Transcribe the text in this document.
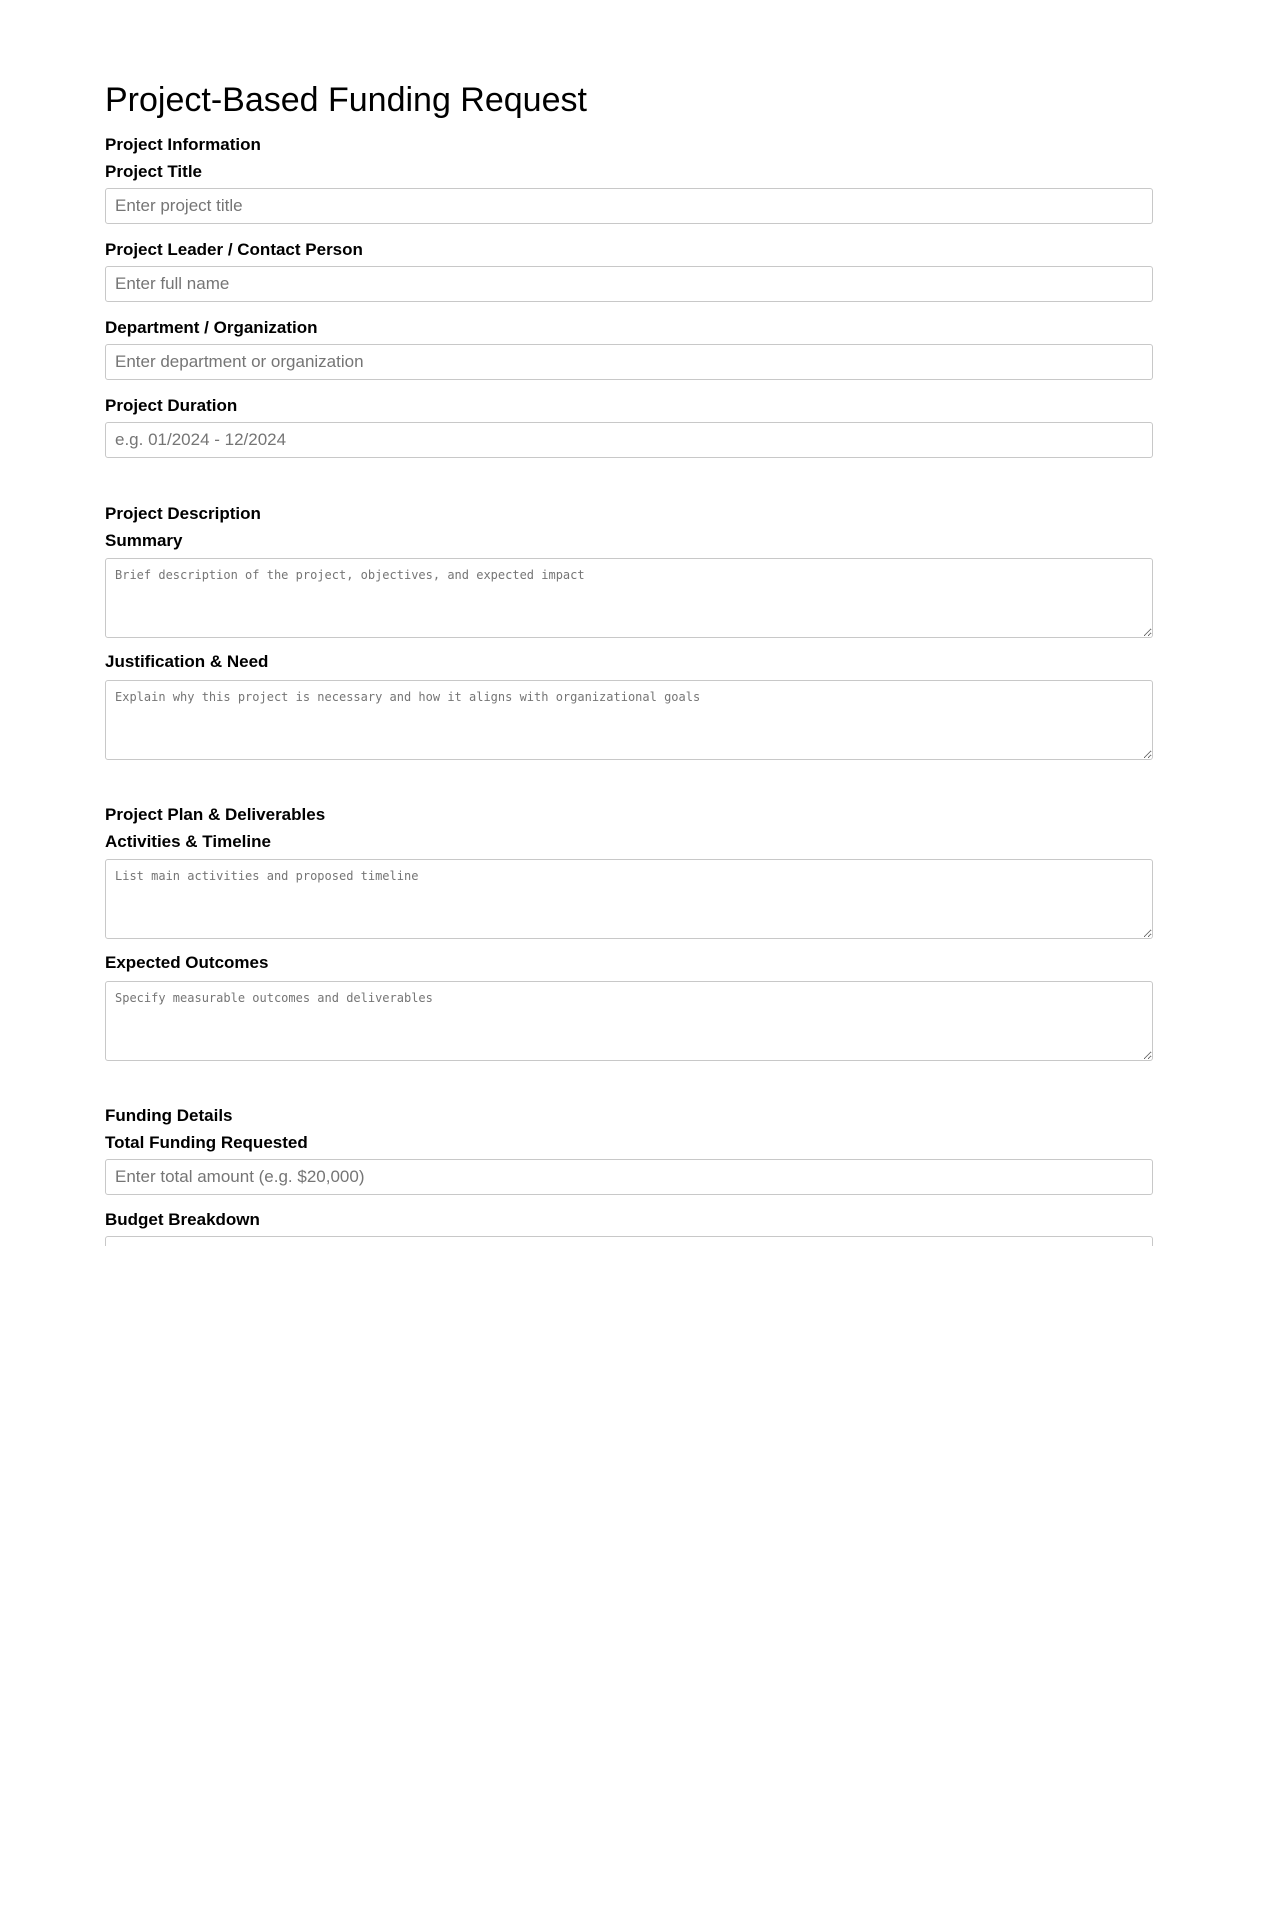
Project-Based Funding Request
Project Information
Project Title
Enter project title
Project Leader / Contact Person
Enter full name
Department / Organization
Enter department or organization
Project Duration
e.g. 01/2024 - 12/2024
Project Description
Summary
Brief description of the project, objectives, and expected impact
Justification & Need
Explain why this project is necessary and how it aligns with organizational goals
Project Plan & Deliverables
Activities & Timeline
List main activities and proposed timeline
Expected Outcomes
Specify measurable outcomes and deliverables
Funding Details
Total Funding Requested
Enter total amount (e.g. $20,000)
Budget Breakdown
